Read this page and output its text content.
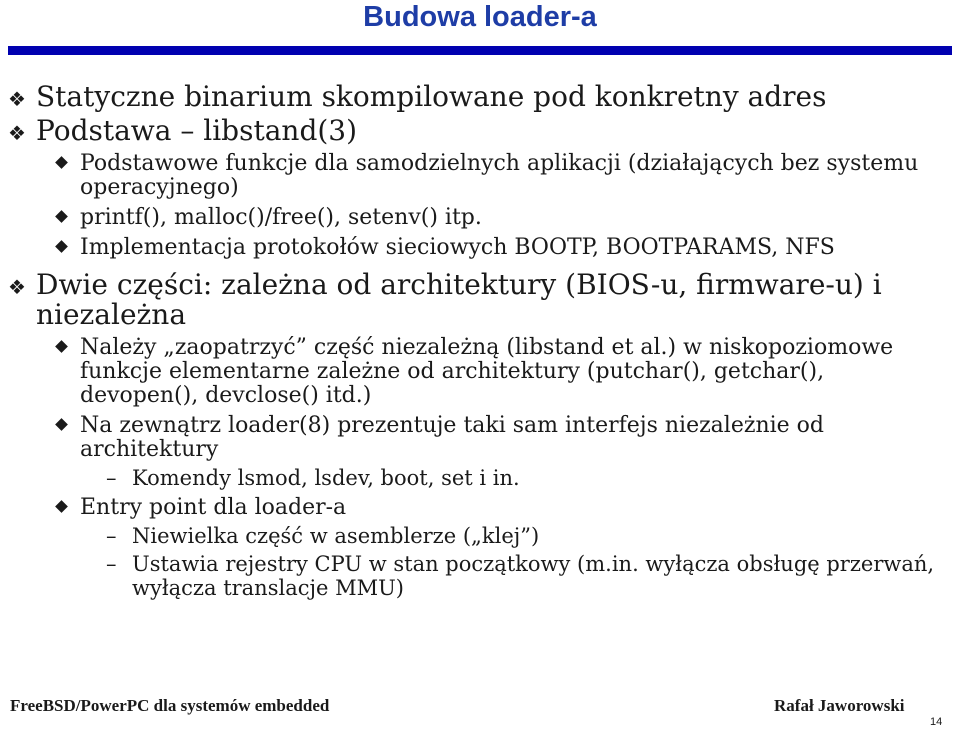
Budowa loader-a
❖ Statyczne binarium skompilowane pod konkretny adres
❖ Podstawa – libstand(3)
Podstawowe funkcje dla samodzielnych aplikacji (działających bez systemu operacyjnego)
printf(), malloc()/free(), setenv() itp.
Implementacja protokołów sieciowych BOOTP, BOOTPARAMS, NFS
❖ Dwie części: zależna od architektury (BIOS-u, firmware-u) i niezależna
Należy „zaopatrzyć” część niezależną (libstand et al.) w niskopoziomowe funkcje elementarne zależne od architektury (putchar(), getchar(), devopen(), devclose() itd.)
Na zewnątrz loader(8) prezentuje taki sam interfejs niezależnie od architektury
– Komendy lsmod, lsdev, boot, set i in.
Entry point dla loader-a
– Niewielka część w asemblerze („klej”)
– Ustawia rejestry CPU w stan początkowy (m.in. wyłącza obsługę przerwań, wyłącza translacje MMU)
FreeBSD/PowerPC dla systemów embedded	Rafał Jaworowski
14
